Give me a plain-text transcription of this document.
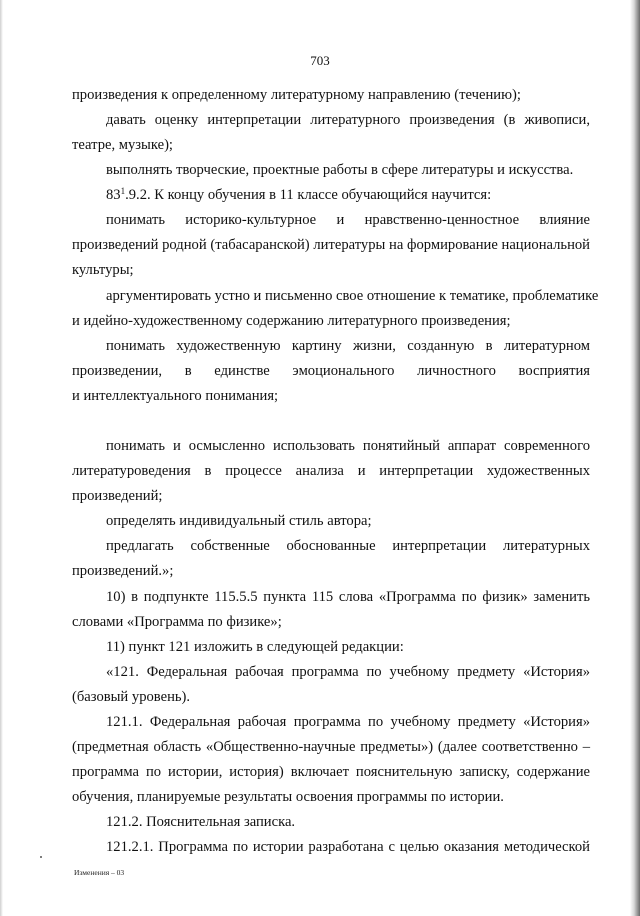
703
произведения к определенному литературному направлению (течению);
давать оценку интерпретации литературного произведения (в живописи,
театре, музыке);
выполнять творческие, проектные работы в сфере литературы и искусства.
$83^1.9.2$. К концу обучения в 11 классе обучающийся научится:
понимать историко-культурное и нравственно-ценностное влияние
произведений родной (табасаранской) литературы на формирование национальной
культуры;
аргументировать устно и письменно свое отношение к тематике, проблематике
и идейно-художественному содержанию литературного произведения;
понимать художественную картину жизни, созданную в литературном
произведении, в единстве эмоционального личностного восприятия
и интеллектуального понимания;
понимать и осмысленно использовать понятийный аппарат современного
литературоведения в процессе анализа и интерпретации художественных
произведений;
определять индивидуальный стиль автора;
предлагать собственные обоснованные интерпретации литературных
произведений.»;
10) в подпункте 115.5.5 пункта 115 слова «Программа по физик» заменить
словами «Программа по физике»;
11) пункт 121 изложить в следующей редакции:
«121. Федеральная рабочая программа по учебному предмету «История»
(базовый уровень).
121.1. Федеральная рабочая программа по учебному предмету «История»
(предметная область «Общественно-научные предметы») (далее соответственно –
программа по истории, история) включает пояснительную записку, содержание
обучения, планируемые результаты освоения программы по истории.
121.2. Пояснительная записка.
121.2.1. Программа по истории разработана с целью оказания методической
Изменения – 03
